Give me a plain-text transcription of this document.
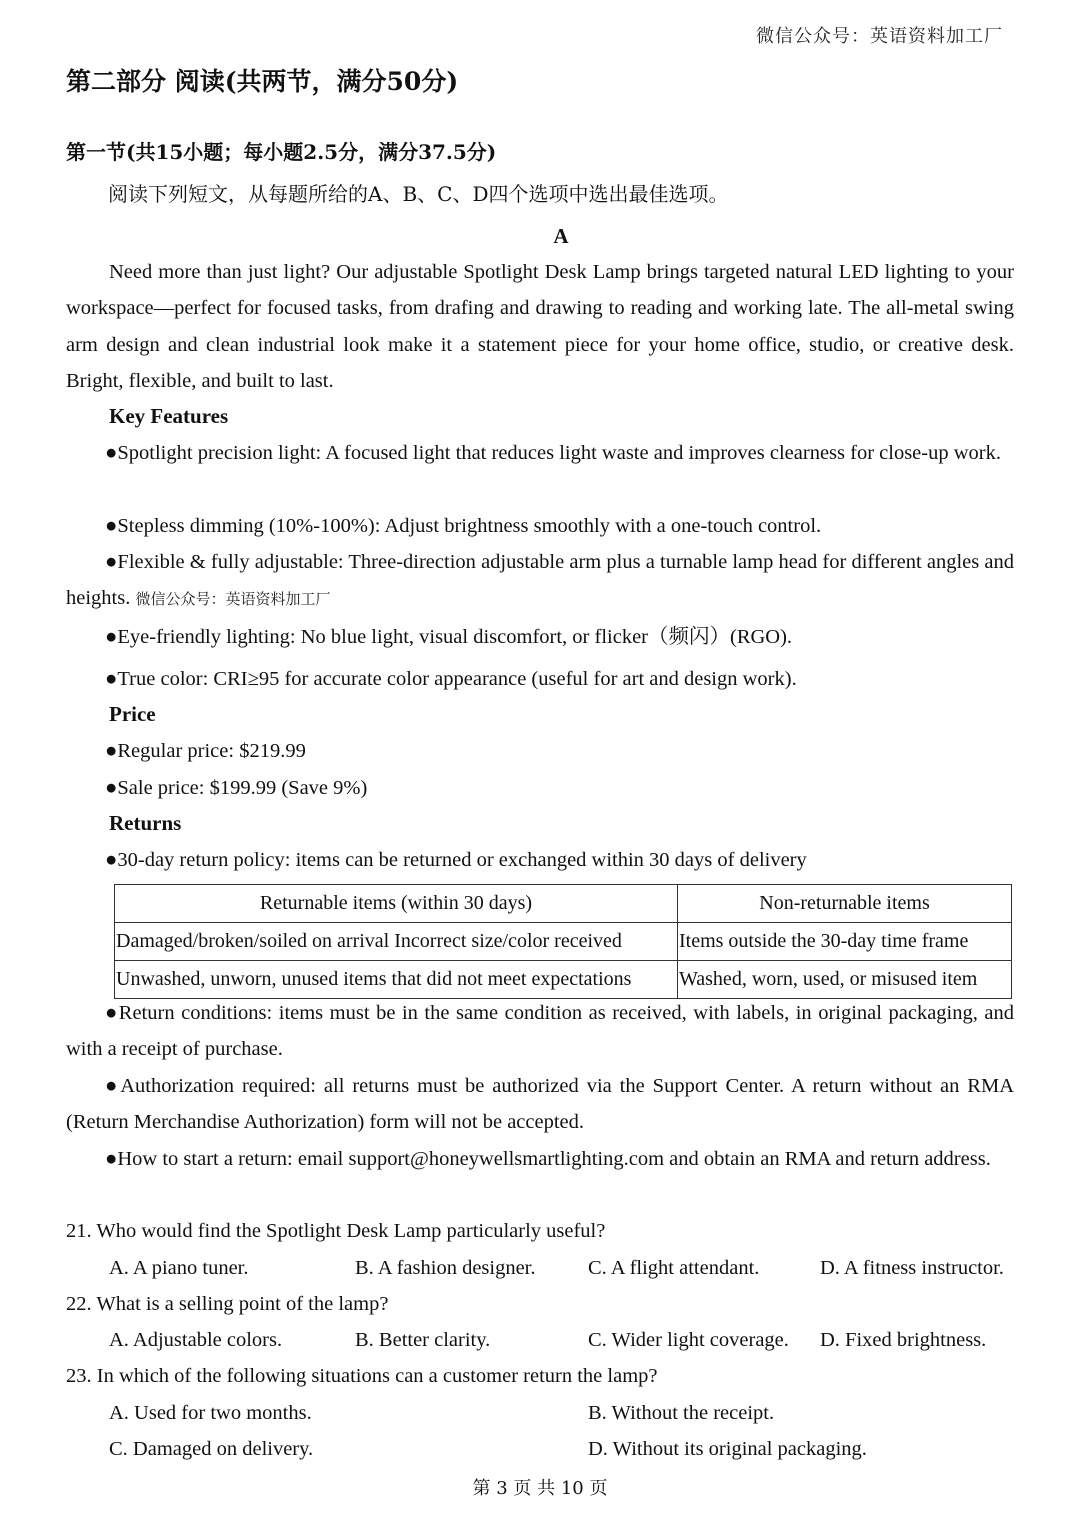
微信公众号：英语资料加工厂
第二部分 阅读(共两节，满分50分)
第一节(共15小题；每小题2.5分，满分37.5分)
阅读下列短文，从每题所给的A、B、C、D四个选项中选出最佳选项。
A
Need more than just light? Our adjustable Spotlight Desk Lamp brings targeted natural LED lighting to your workspace—perfect for focused tasks, from drafing and drawing to reading and working late. The all-metal swing arm design and clean industrial look make it a statement piece for your home office, studio, or creative desk. Bright, flexible, and built to last.
Key Features
●Spotlight precision light: A focused light that reduces light waste and improves clearness for close-up work.
●Stepless dimming (10%-100%): Adjust brightness smoothly with a one-touch control.
●Flexible & fully adjustable: Three-direction adjustable arm plus a turnable lamp head for different angles and heights. 微信公众号：英语资料加工厂
●Eye-friendly lighting: No blue light, visual discomfort, or flicker（频闪）(RGO).
●True color: CRI≥95 for accurate color appearance (useful for art and design work).
Price
●Regular price: $219.99
●Sale price: $199.99 (Save 9%)
Returns
●30-day return policy: items can be returned or exchanged within 30 days of delivery
Returnable items (within 30 days)	Non-returnable items
Damaged/broken/soiled on arrival Incorrect size/color received	Items outside the 30-day time frame
Unwashed, unworn, unused items that did not meet expectations	Washed, worn, used, or misused item
●Return conditions: items must be in the same condition as received, with labels, in original packaging, and with a receipt of purchase.
●Authorization required: all returns must be authorized via the Support Center. A return without an RMA (Return Merchandise Authorization) form will not be accepted.
●How to start a return: email support@honeywellsmartlighting.com and obtain an RMA and return address.
21. Who would find the Spotlight Desk Lamp particularly useful?
A. A piano tuner.	B. A fashion designer.	C. A flight attendant.	D. A fitness instructor.
22. What is a selling point of the lamp?
A. Adjustable colors.	B. Better clarity.	C. Wider light coverage. D. Fixed brightness.
23. In which of the following situations can a customer return the lamp?
A. Used for two months.	B. Without the receipt.
C. Damaged on delivery.	D. Without its original packaging.
第 3 页 共 10 页
